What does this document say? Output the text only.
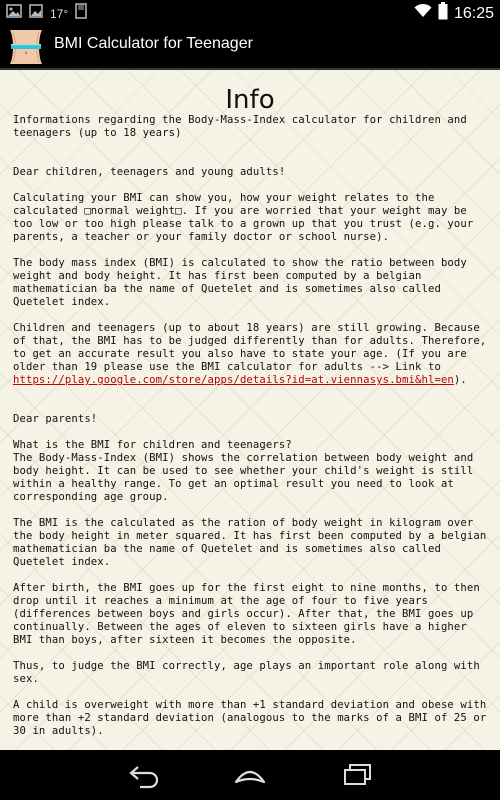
17°	16:25
BMI Calculator for Teenager
Info

Informations regarding the Body-Mass-Index calculator for children and teenagers (up to 18 years)

Dear children, teenagers and young adults!

Calculating your BMI can show you, how your weight relates to the calculated □normal weight□. If you are worried that your weight may be too low or too high please talk to a grown up that you trust (e.g. your parents, a teacher or your family doctor or school nurse).

The body mass index (BMI) is calculated to show the ratio between body weight and body height. It has first been computed by a belgian mathematician ba the name of Quetelet and is sometimes also called Quetelet index.

Children and teenagers (up to about 18 years) are still growing. Because of that, the BMI has to be judged differently than for adults. Therefore, to get an accurate result you also have to state your age. (If you are older than 19 please use the BMI calculator for adults --> Link to https://play.google.com/store/apps/details?id=at.viennasys.bmi&hl=en).

Dear parents!

What is the BMI for children and teenagers?
The Body-Mass-Index (BMI) shows the correlation between body weight and body height. It can be used to see whether your child's weight is still within a healthy range. To get an optimal result you need to look at corresponding age group.

The BMI is the calculated as the ration of body weight in kilogram over the body height in meter squared. It has first been computed by a belgian mathematician ba the name of Quetelet and is sometimes also called Quetelet index.

After birth, the BMI goes up for the first eight to nine months, to then drop until it reaches a minimum at the age of four to five years (differences between boys and girls occur). After that, the BMI goes up continually. Between the ages of eleven to sixteen girls have a higher BMI than boys, after sixteen it becomes the opposite.

Thus, to judge the BMI correctly, age plays an important role along with sex.

A child is overweight with more than +1 standard deviation and obese with more than +2 standard deviation (analogous to the marks of a BMI of 25 or 30 in adults).
